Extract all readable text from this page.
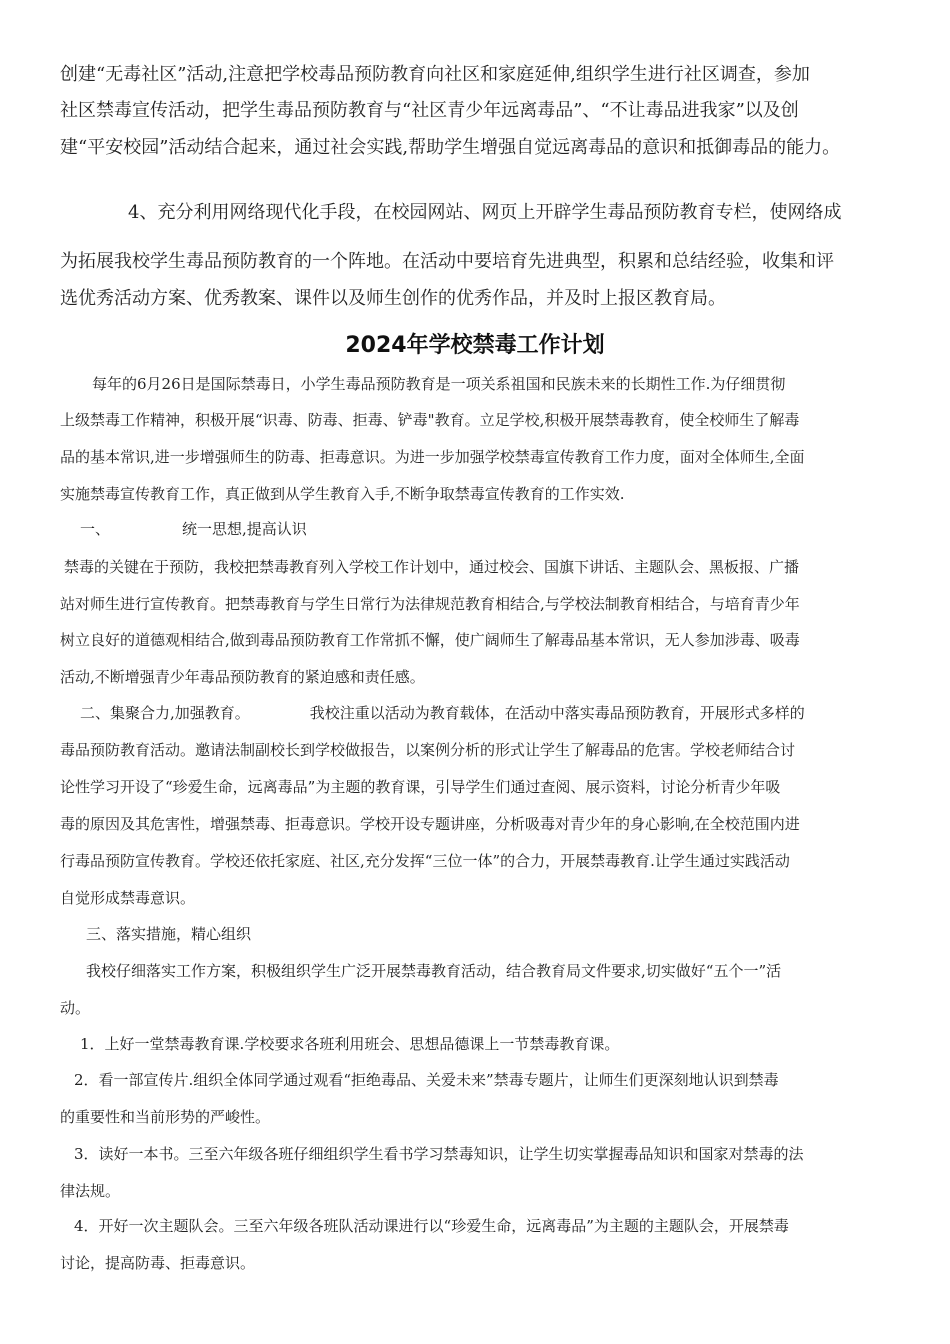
创建“无毒社区”活动,注意把学校毒品预防教育向社区和家庭延伸,组织学生进行社区调查，参加
社区禁毒宣传活动，把学生毒品预防教育与“社区青少年远离毒品”、“不让毒品进我家”以及创
建“平安校园”活动结合起来，通过社会实践,帮助学生增强自觉远离毒品的意识和抵御毒品的能力。
4、充分利用网络现代化手段，在校园网站、网页上开辟学生毒品预防教育专栏，使网络成
为拓展我校学生毒品预防教育的一个阵地。在活动中要培育先进典型，积累和总结经验，收集和评
选优秀活动方案、优秀教案、课件以及师生创作的优秀作品，并及时上报区教育局。
2024年学校禁毒工作计划
每年的6月26日是国际禁毒日，小学生毒品预防教育是一项关系祖国和民族未来的长期性工作.为仔细贯彻
上级禁毒工作精神，积极开展“识毒、防毒、拒毒、铲毒"教育。立足学校,积极开展禁毒教育，使全校师生了解毒
品的基本常识,进一步增强师生的防毒、拒毒意识。为进一步加强学校禁毒宣传教育工作力度，面对全体师生,全面
实施禁毒宣传教育工作，真正做到从学生教育入手,不断争取禁毒宣传教育的工作实效.
一、	统一思想,提高认识
禁毒的关键在于预防，我校把禁毒教育列入学校工作计划中，通过校会、国旗下讲话、主题队会、黑板报、广播
站对师生进行宣传教育。把禁毒教育与学生日常行为法律规范教育相结合,与学校法制教育相结合，与培育青少年
树立良好的道德观相结合,做到毒品预防教育工作常抓不懈，使广阔师生了解毒品基本常识，无人参加涉毒、吸毒
活动,不断增强青少年毒品预防教育的紧迫感和责任感。
二、集聚合力,加强教育。	我校注重以活动为教育载体，在活动中落实毒品预防教育，开展形式多样的
毒品预防教育活动。邀请法制副校长到学校做报告，以案例分析的形式让学生了解毒品的危害。学校老师结合讨
论性学习开设了“珍爱生命，远离毒品”为主题的教育课，引导学生们通过查阅、展示资料，讨论分析青少年吸
毒的原因及其危害性，增强禁毒、拒毒意识。学校开设专题讲座，分析吸毒对青少年的身心影响,在全校范围内进
行毒品预防宣传教育。学校还依托家庭、社区,充分发挥“三位一体”的合力，开展禁毒教育.让学生通过实践活动
自觉形成禁毒意识。
三、落实措施，精心组织
我校仔细落实工作方案，积极组织学生广泛开展禁毒教育活动，结合教育局文件要求,切实做好“五个一”活
动。
1．上好一堂禁毒教育课.学校要求各班利用班会、思想品德课上一节禁毒教育课。
2．看一部宣传片.组织全体同学通过观看“拒绝毒品、关爱未来”禁毒专题片，让师生们更深刻地认识到禁毒
的重要性和当前形势的严峻性。
3．读好一本书。三至六年级各班仔细组织学生看书学习禁毒知识，让学生切实掌握毒品知识和国家对禁毒的法
律法规。
4．开好一次主题队会。三至六年级各班队活动课进行以“珍爱生命，远离毒品”为主题的主题队会，开展禁毒
讨论，提高防毒、拒毒意识。
